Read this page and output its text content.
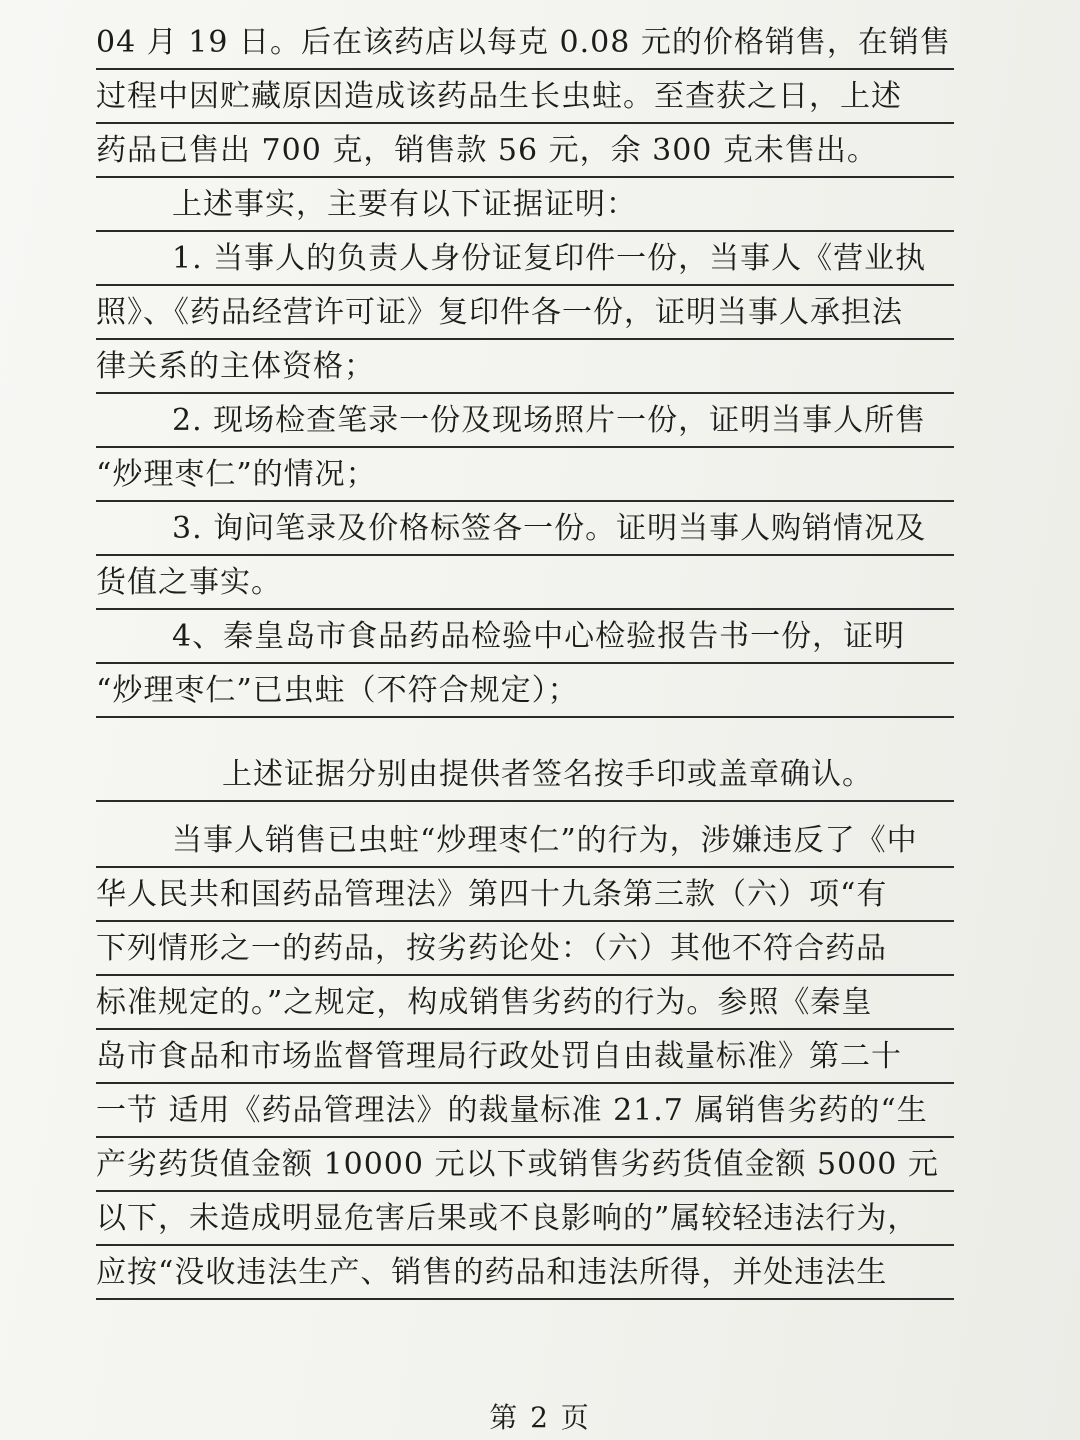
04 月 19 日。后在该药店以每克 0.08 元的价格销售，在销售
过程中因贮藏原因造成该药品生长虫蛀。至查获之日，上述
药品已售出 700 克，销售款 56 元，余 300 克未售出。
上述事实，主要有以下证据证明：
1. 当事人的负责人身份证复印件一份，当事人《营业执
照》、《药品经营许可证》复印件各一份，证明当事人承担法
律关系的主体资格；
2. 现场检查笔录一份及现场照片一份，证明当事人所售
“炒理枣仁”的情况；
3. 询问笔录及价格标签各一份。证明当事人购销情况及
货值之事实。
4、秦皇岛市食品药品检验中心检验报告书一份，证明
“炒理枣仁”已虫蛀（不符合规定）；
上述证据分别由提供者签名按手印或盖章确认。
当事人销售已虫蛀“炒理枣仁”的行为，涉嫌违反了《中
华人民共和国药品管理法》第四十九条第三款（六）项“有
下列情形之一的药品，按劣药论处：（六）其他不符合药品
标准规定的。”之规定，构成销售劣药的行为。参照《秦皇
岛市食品和市场监督管理局行政处罚自由裁量标准》第二十
一节 适用《药品管理法》的裁量标准 21.7 属销售劣药的“生
产劣药货值金额 10000 元以下或销售劣药货值金额 5000 元
以下，未造成明显危害后果或不良影响的”属较轻违法行为，
应按“没收违法生产、销售的药品和违法所得，并处违法生
第 2 页
